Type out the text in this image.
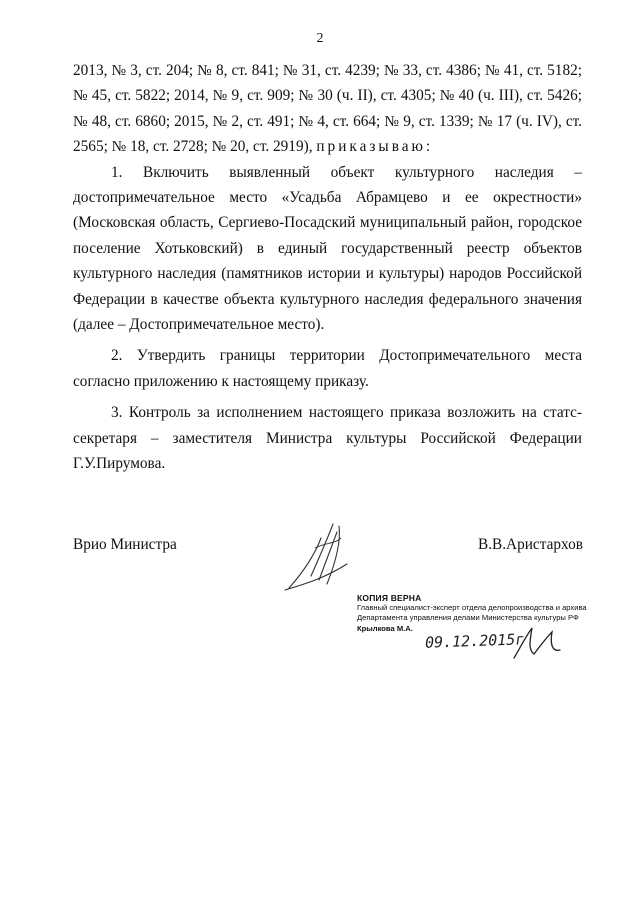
2

2013, № 3, ст. 204; № 8, ст. 841; № 31, ст. 4239; № 33, ст. 4386; № 41, ст. 5182; № 45, ст. 5822; 2014, № 9, ст. 909; № 30 (ч. II), ст. 4305; № 40 (ч. III), ст. 5426; № 48, ст. 6860; 2015, № 2, ст. 491; № 4, ст. 664; № 9, ст. 1339; № 17 (ч. IV), ст. 2565; № 18, ст. 2728; № 20, ст. 2919), приказываю:

1. Включить выявленный объект культурного наследия – достопримечательное место «Усадьба Абрамцево и ее окрестности» (Московская область, Сергиево-Посадский муниципальный район, городское поселение Хотьковский) в единый государственный реестр объектов культурного наследия (памятников истории и культуры) народов Российской Федерации в качестве объекта культурного наследия федерального значения (далее – Достопримечательное место).

2. Утвердить границы территории Достопримечательного места согласно приложению к настоящему приказу.

3. Контроль за исполнением настоящего приказа возложить на статс-секретаря – заместителя Министра культуры Российской Федерации Г.У.Пирумова.

Врио Министра	В.В.Аристархов
КОПИЯ ВЕРНА
Главный специалист-эксперт отдела делопроизводства и архива
Департамента управления делами Министерства культуры РФ
Крылкова М.А.
09.12.2015г
